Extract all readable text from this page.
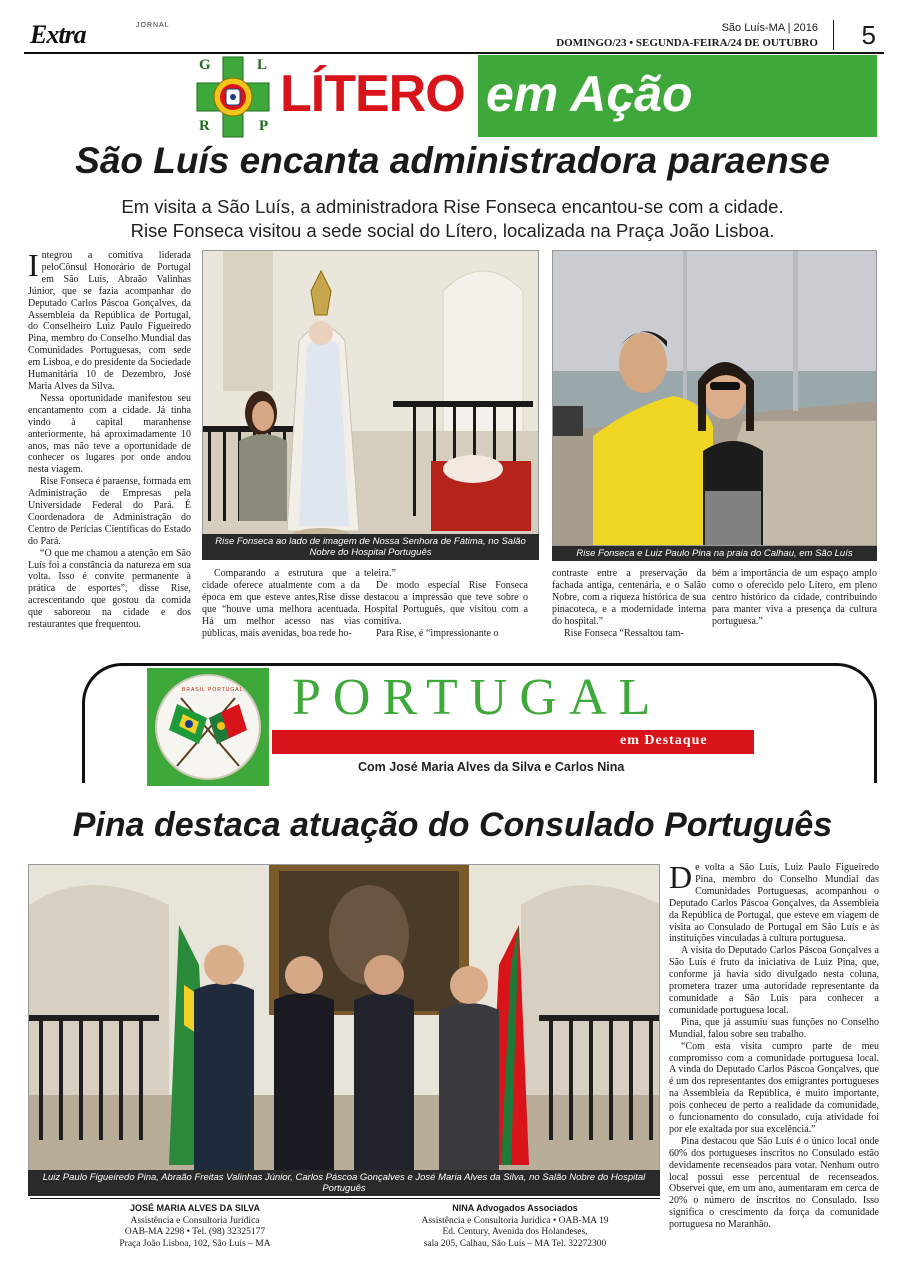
Extra	JORNAL	São Luís-MA | 2016
DOMINGO/23 • SEGUNDA-FEIRA/24 DE OUTUBRO 5
G	L
R	P
LÍTERO em Ação
São Luís encanta administradora paraense
Em visita a São Luís, a administradora Rise Fonseca encantou-se com a cidade.
Rise Fonseca visitou a sede social do Lítero, localizada na Praça João Lisboa.

Integrou a comitiva liderada peloCônsul Honorário de Portugal em São Luís, Abraão Valinhas Júnior, que se fazia acompanhar do Deputado Carlos Páscoa Gonçalves, da Assembleia da República de Portugal, do Conselheiro Luiz Paulo Figueiredo Pina, membro do Conselho Mundial das Comunidades Portuguesas, com sede em Lisboa, e do presidente da Sociedade Humanitária 10 de Dezembro, José Maria Alves da Silva.

Nessa oportunidade manifestou seu encantamento com a cidade. Já tinha vindo à capital maranhense anteriormente, há aproximadamente 10 anos, mas não teve a oportunidade de conhecer os lugares por onde andou nesta viagem.

Rise Fonseca é paraense, formada em Administração de Empresas pela Universidade Federal do Pará. É Coordenadora de Administração do Centro de Perícias Científicas do Estado do Pará.

“O que me chamou a atenção em São Luís foi a constância da natureza em sua volta. Isso é convite permanente à prática de esportes”, disse Rise, acrescentando que gostou da comida que saboreou na cidade e dos restaurantes que frequentou.

Rise Fonseca ao lado de imagem de Nossa Senhora de Fátima, no Salão Nobre do Hospital Português	Rise Fonseca e Luiz Paulo Pina na praia do Calhau, em São Luís

Comparando a estrutura que a cidade oferece atualmente com a da época em que esteve antes,Rise disse que “houve uma melhora acentuada. Há um melhor acesso nas vias públicas, mais avenidas, boa rede ho-

teleira.”

De modo especial Rise Fonseca destacou a impressão que teve sobre o Hospital Português, que visitou com a comitiva.

Para Rise, é “impressionante o

contraste entre a preservação da fachada antiga, centenária, e o Salão Nobre, com a riqueza histórica de sua pinacoteca, e a modernidade interna do hospital.”

Rise Fonseca “Ressaltou tam-

bém a importância de um espaço amplo como o oferecido pelo Lítero, em pleno centro histórico da cidade, contribuindo para manter viva a presença da cultura portuguesa.”

BRASIL PORTUGAL PORTUGAL
em Destaque
Com José Maria Alves da Silva e Carlos Nina
Pina destaca atuação do Consulado Português
Luiz Paulo Figueiredo Pina, Abraão Freitas Valinhas Júnior, Carlos Páscoa Gonçalves e José Maria Alves da Silva, no Salão Nobre do Hospital Português

De volta a São Luís, Luiz Paulo Figueiredo Pina, membro do Conselho Mundial das Comunidades Portuguesas, acompanhou o Deputado Carlos Páscoa Gonçalves, da Assembleia da República de Portugal, que esteve em viagem de visita ao Consulado de Portugal em São Luís e às instituições vinculadas à cultura portuguesa.

A visita do Deputado Carlos Páscoa Gonçalves a São Luís é fruto da iniciativa de Luiz Pina, que, conforme já havia sido divulgado nesta coluna, prometera trazer uma autoridade representante da comunidade a São Luís para conhecer a comunidade portuguesa local.

Pina, que já assumiu suas funções no Conselho Mundial, falou sobre seu trabalho.

“Com esta visita cumpro parte de meu compromisso com a comunidade portuguesa local. A vinda do Deputado Carlos Páscoa Gonçalves, que é um dos representantes dos emigrantes portugueses na Assembleia da República, é muito importante, pois conheceu de perto a realidade da comunidade, o funcionamento do consulado, cuja atividade foi por ele exaltada por sua excelência.”

Pina destacou que São Luís é o único local onde 60% dos portugueses inscritos no Consulado estão devidamente recenseados para votar. Nenhum outro local possui esse percentual de recenseados. Observei que, em um ano, aumentaram em cerca de 20% o número de inscritos no Consulado. Isso significa o crescimento da força da comunidade portuguesa no Maranhão.

JOSÉ MARIA ALVES DA SILVA
Assistência e Consultoria Jurídica
OAB-MA 2298 • Tel. (98) 32325177
Praça João Lisboa, 102, São Luís – MA
NINA Advogados Associados
Assistência e Consultoria Jurídica • OAB-MA 19
Ed. Century, Avenida dos Holandeses,
sala 205, Calhau, São Luís – MA Tel. 32272300
